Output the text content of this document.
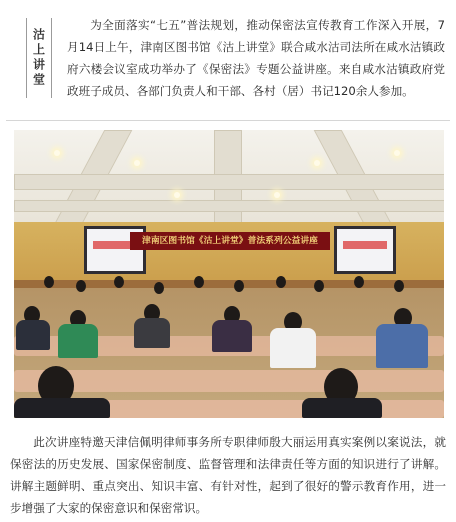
沽上讲堂

为全面落实“七五”普法规划，推动保密法宣传教育工作深入开展，7月14日上午，津南区图书馆《沽上讲堂》联合咸水沽司法所在咸水沽镇政府六楼会议室成功举办了《保密法》专题公益讲座。来自咸水沽镇政府党政班子成员、各部门负责人和干部、各村（居）书记120余人参加。

津南区图书馆《沽上讲堂》普法系列公益讲座

此次讲座特邀天津信佩明律师事务所专职律师殷大丽运用真实案例以案说法，就保密法的历史发展、国家保密制度、监督管理和法律责任等方面的知识进行了讲解。讲解主题鲜明、重点突出、知识丰富、有针对性，起到了很好的警示教育作用，进一步增强了大家的保密意识和保密常识。
